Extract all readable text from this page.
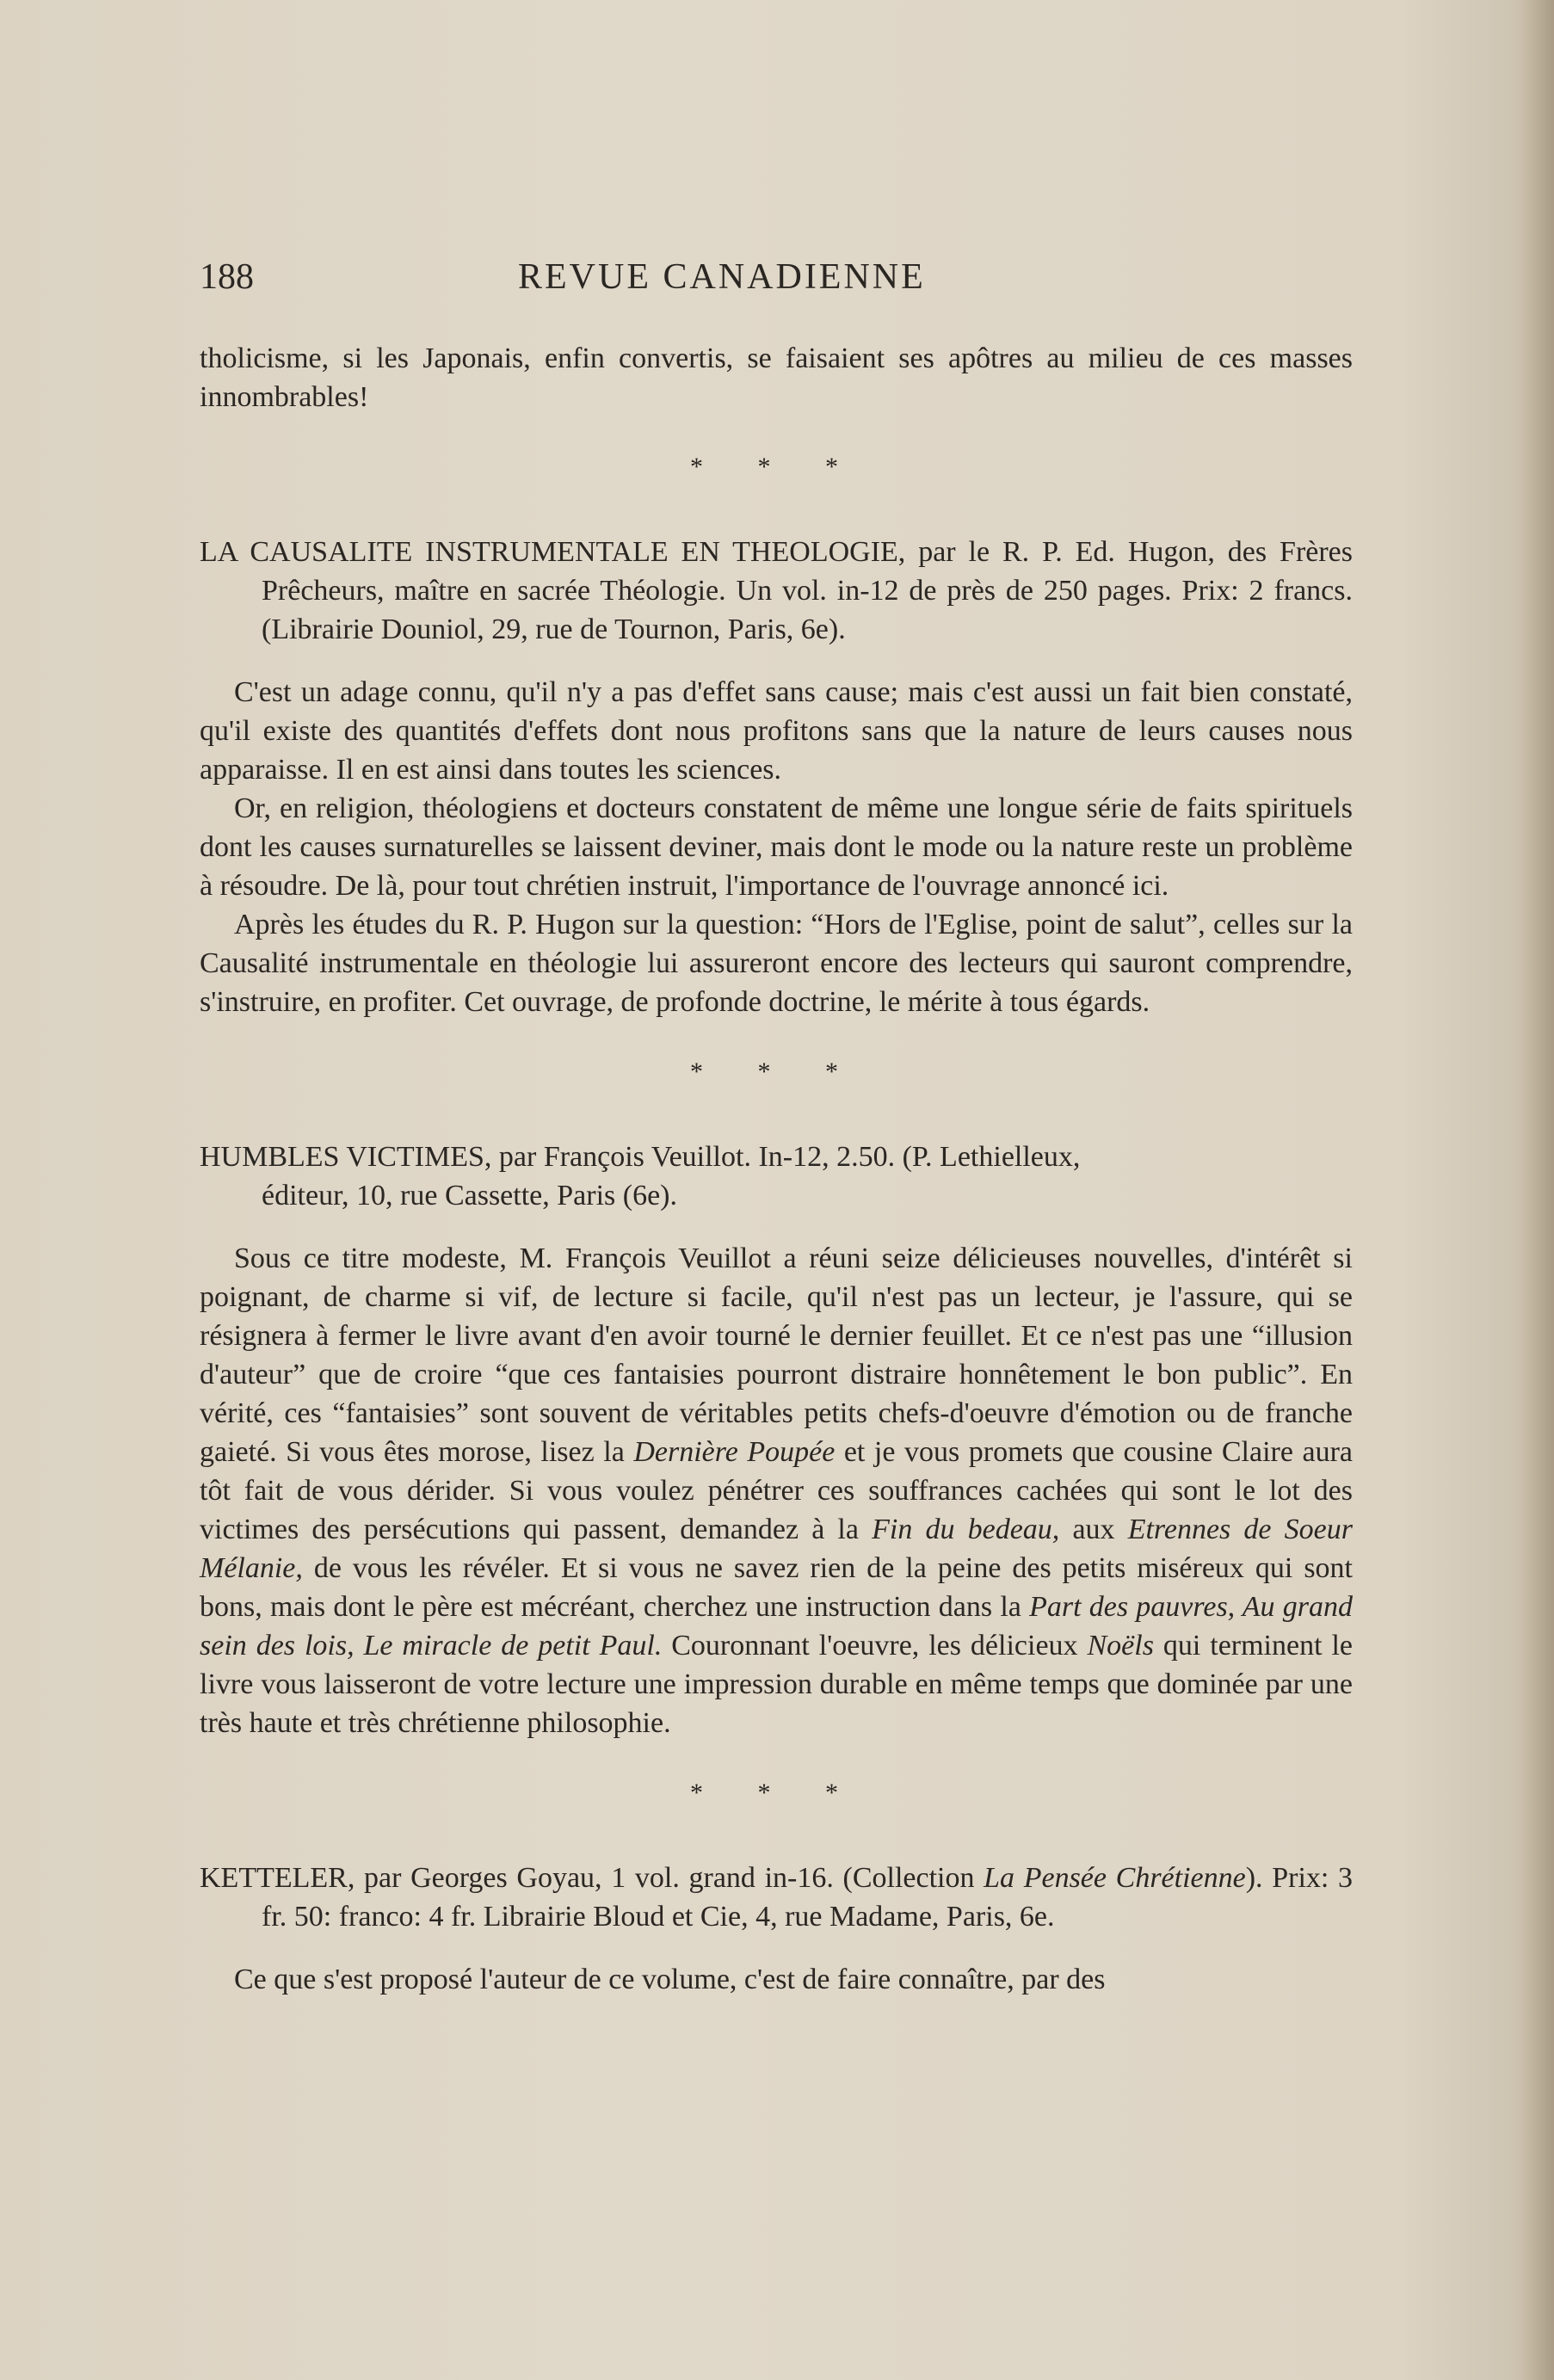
188	REVUE CANADIENNE

tholicisme, si les Japonais, enfin convertis, se faisaient ses apôtres au milieu de ces masses innombrables!

* * *

LA CAUSALITE INSTRUMENTALE EN THEOLOGIE, par le R. P. Ed. Hugon, des Frères Prêcheurs, maître en sacrée Théologie. Un vol. in-12 de près de 250 pages. Prix: 2 francs. (Librairie Douniol, 29, rue de Tournon, Paris, 6e).

C'est un adage connu, qu'il n'y a pas d'effet sans cause; mais c'est aussi un fait bien constaté, qu'il existe des quantités d'effets dont nous profitons sans que la nature de leurs causes nous apparaisse. Il en est ainsi dans toutes les sciences.

Or, en religion, théologiens et docteurs constatent de même une longue série de faits spirituels dont les causes surnaturelles se laissent deviner, mais dont le mode ou la nature reste un problème à résoudre. De là, pour tout chrétien instruit, l'importance de l'ouvrage annoncé ici.

Après les études du R. P. Hugon sur la question: “Hors de l'Eglise, point de salut”, celles sur la Causalité instrumentale en théologie lui assureront encore des lecteurs qui sauront comprendre, s'instruire, en profiter. Cet ouvrage, de profonde doctrine, le mérite à tous égards.

* * *

HUMBLES VICTIMES, par François Veuillot. In-12, 2.50. (P. Lethielleux,
éditeur, 10, rue Cassette, Paris (6e).

Sous ce titre modeste, M. François Veuillot a réuni seize délicieuses nouvelles, d'intérêt si poignant, de charme si vif, de lecture si facile, qu'il n'est pas un lecteur, je l'assure, qui se résignera à fermer le livre avant d'en avoir tourné le dernier feuillet. Et ce n'est pas une “illusion d'auteur” que de croire “que ces fantaisies pourront distraire honnêtement le bon public”. En vérité, ces “fantaisies” sont souvent de véritables petits chefs-d'oeuvre d'émotion ou de franche gaieté. Si vous êtes morose, lisez la Dernière Poupée et je vous promets que cousine Claire aura tôt fait de vous dérider. Si vous voulez pénétrer ces souffrances cachées qui sont le lot des victimes des persécutions qui passent, demandez à la Fin du bedeau, aux Etrennes de Soeur Mélanie, de vous les révéler. Et si vous ne savez rien de la peine des petits miséreux qui sont bons, mais dont le père est mécréant, cherchez une instruction dans la Part des pauvres, Au grand sein des lois, Le miracle de petit Paul. Couronnant l'oeuvre, les délicieux Noëls qui terminent le livre vous laisseront de votre lecture une impression durable en même temps que dominée par une très haute et très chrétienne philosophie.

* * *

KETTELER, par Georges Goyau, 1 vol. grand in-16. (Collection La Pensée Chrétienne). Prix: 3 fr. 50: franco: 4 fr. Librairie Bloud et Cie, 4, rue Madame, Paris, 6e.

Ce que s'est proposé l'auteur de ce volume, c'est de faire connaître, par des
